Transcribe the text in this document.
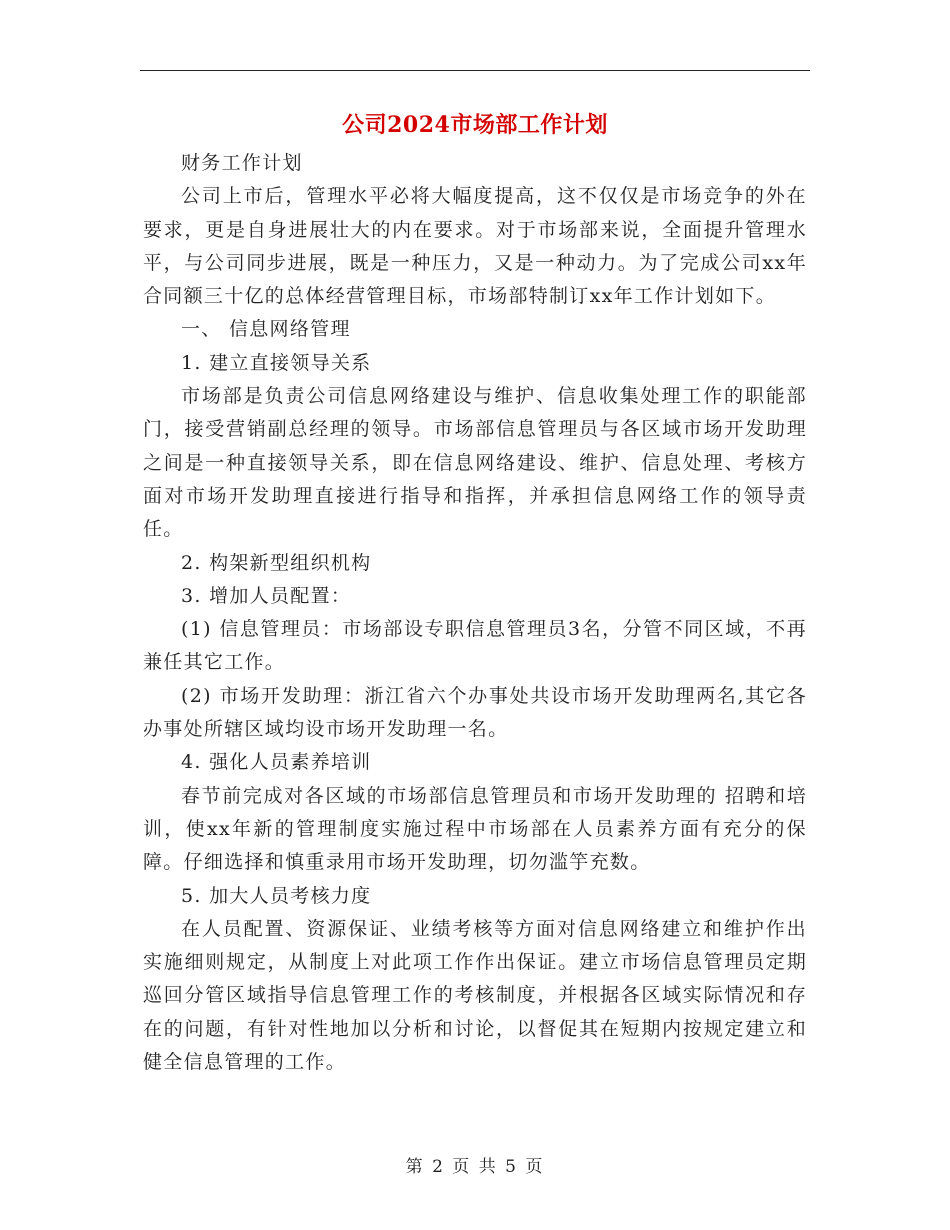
公司2024市场部工作计划

财务工作计划

公司上市后，管理水平必将大幅度提高，这不仅仅是市场竞争的外在要求，更是自身进展壮大的内在要求。对于市场部来说，全面提升管理水平，与公司同步进展，既是一种压力，又是一种动力。为了完成公司xx年合同额三十亿的总体经营管理目标，市场部特制订xx年工作计划如下。

一、 信息网络管理

1. 建立直接领导关系

市场部是负责公司信息网络建设与维护、信息收集处理工作的职能部门，接受营销副总经理的领导。市场部信息管理员与各区域市场开发助理之间是一种直接领导关系，即在信息网络建设、维护、信息处理、考核方面对市场开发助理直接进行指导和指挥，并承担信息网络工作的领导责任。

2. 构架新型组织机构

3. 增加人员配置：

(1) 信息管理员：市场部设专职信息管理员3名，分管不同区域，不再兼任其它工作。

(2) 市场开发助理：浙江省六个办事处共设市场开发助理两名,其它各办事处所辖区域均设市场开发助理一名。

4. 强化人员素养培训

春节前完成对各区域的市场部信息管理员和市场开发助理的 招聘和培训，使xx年新的管理制度实施过程中市场部在人员素养方面有充分的保障。仔细选择和慎重录用市场开发助理，切勿滥竽充数。

5. 加大人员考核力度

在人员配置、资源保证、业绩考核等方面对信息网络建立和维护作出实施细则规定，从制度上对此项工作作出保证。建立市场信息管理员定期巡回分管区域指导信息管理工作的考核制度，并根据各区域实际情况和存在的问题，有针对性地加以分析和讨论，以督促其在短期内按规定建立和健全信息管理的工作。

第 2 页 共 5 页
